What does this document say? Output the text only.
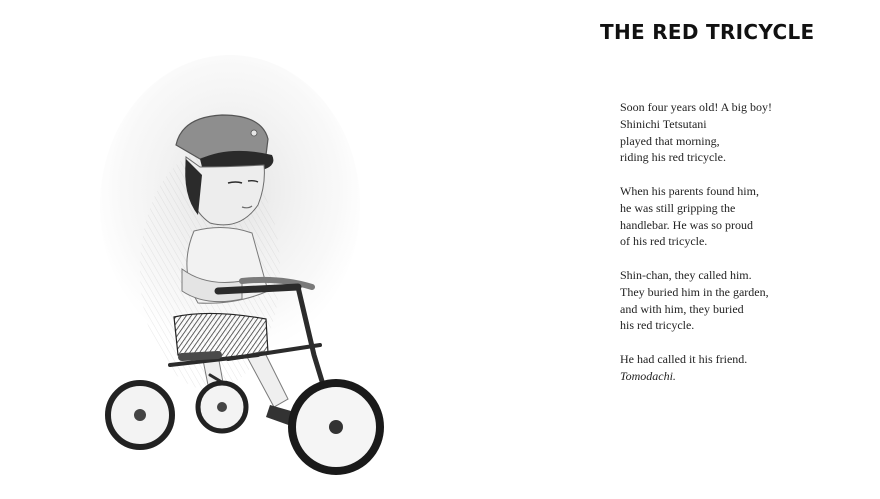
THE RED TRICYCLE
Soon four years old! A big boy!
Shinichi Tetsutani
played that morning,
riding his red tricycle.
When his parents found him,
he was still gripping the
handlebar. He was so proud
of his red tricycle.
Shin-chan, they called him.
They buried him in the garden,
and with him, they buried
his red tricycle.
He had called it his friend.
Tomodachi.
